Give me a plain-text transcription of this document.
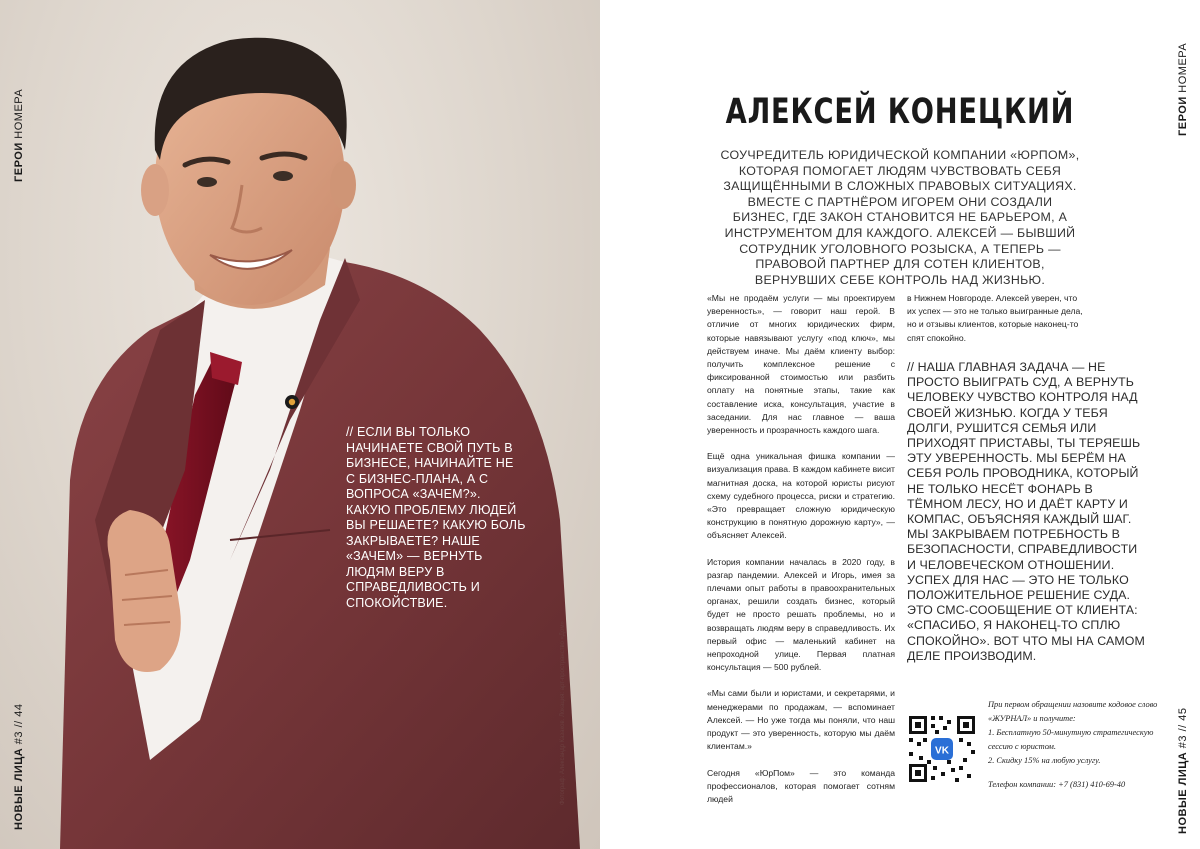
ГЕРОИ НОМЕРА
НОВЫЕ ЛИЦА #3 // 44
// ЕСЛИ ВЫ ТОЛЬКО НАЧИНАЕТЕ СВОЙ ПУТЬ В БИЗНЕСЕ, НАЧИНАЙТЕ НЕ С БИЗНЕС-ПЛАНА, А С ВОПРОСА «ЗАЧЕМ?». КАКУЮ ПРОБЛЕМУ ЛЮДЕЙ ВЫ РЕШАЕТЕ? КАКУЮ БОЛЬ ЗАКРЫВАЕТЕ? НАШЕ «ЗАЧЕМ» — ВЕРНУТЬ ЛЮДЯМ ВЕРУ В СПРАВЕДЛИВОСТЬ И СПОКОЙСТВИЕ.
Фотограф: Александр Казаков. Локация: арт-пространство «Дом»
ГЕРОИ НОМЕРА
НОВЫЕ ЛИЦА #3 // 45
АЛЕКСЕЙ КОНЕЦКИЙ
СОУЧРЕДИТЕЛЬ ЮРИДИЧЕСКОЙ КОМПАНИИ «ЮРПОМ», КОТОРАЯ ПОМОГАЕТ ЛЮДЯМ ЧУВСТВОВАТЬ СЕБЯ ЗАЩИЩЁННЫМИ В СЛОЖНЫХ ПРАВОВЫХ СИТУАЦИЯХ. ВМЕСТЕ С ПАРТНЁРОМ ИГОРЕМ ОНИ СОЗДАЛИ БИЗНЕС, ГДЕ ЗАКОН СТАНОВИТСЯ НЕ БАРЬЕРОМ, А ИНСТРУМЕНТОМ ДЛЯ КАЖДОГО. АЛЕКСЕЙ — БЫВШИЙ СОТРУДНИК УГОЛОВНОГО РОЗЫСКА, А ТЕПЕРЬ — ПРАВОВОЙ ПАРТНЕР ДЛЯ СОТЕН КЛИЕНТОВ, ВЕРНУВШИХ СЕБЕ КОНТРОЛЬ НАД ЖИЗНЬЮ.

«Мы не продаём услуги — мы проектируем уверенность», — говорит наш герой. В отличие от многих юридических фирм, которые навязывают услугу «под ключ», мы действуем иначе. Мы даём клиенту выбор: получить комплексное решение с фиксированной стоимостью или разбить оплату на понятные этапы, такие как составление иска, консультация, участие в заседании. Для нас главное — ваша уверенность и прозрачность каждого шага.

Ещё одна уникальная фишка компании — визуализация права. В каждом кабинете висит магнитная доска, на которой юристы рисуют схему судебного процесса, риски и стратегию. «Это превращает сложную юридическую конструкцию в понятную дорожную карту», — объясняет Алексей.

История компании началась в 2020 году, в разгар пандемии. Алексей и Игорь, имея за плечами опыт работы в правоохранительных органах, решили создать бизнес, который будет не просто решать проблемы, но и возвращать людям веру в справедливость. Их первый офис — маленький кабинет на непроходной улице. Первая платная консультация — 500 рублей.

«Мы сами были и юристами, и секретарями, и менеджерами по продажам, — вспоминает Алексей. — Но уже тогда мы поняли, что наш продукт — это уверенность, которую мы даём клиентам.»

Сегодня «ЮрПом» — это команда профессионалов, которая помогает сотням людей

в Нижнем Новгороде. Алексей уверен, что их успех — это не только выигранные дела, но и отзывы клиентов, которые наконец-то спят спокойно.

// НАША ГЛАВНАЯ ЗАДАЧА — НЕ ПРОСТО ВЫИГРАТЬ СУД, А ВЕРНУТЬ ЧЕЛОВЕКУ ЧУВСТВО КОНТРОЛЯ НАД СВОЕЙ ЖИЗНЬЮ. КОГДА У ТЕБЯ ДОЛГИ, РУШИТСЯ СЕМЬЯ ИЛИ ПРИХОДЯТ ПРИСТАВЫ, ТЫ ТЕРЯЕШЬ ЭТУ УВЕРЕННОСТЬ. МЫ БЕРЁМ НА СЕБЯ РОЛЬ ПРОВОДНИКА, КОТОРЫЙ НЕ ТОЛЬКО НЕСЁТ ФОНАРЬ В ТЁМНОМ ЛЕСУ, НО И ДАЁТ КАРТУ И КОМПАС, ОБЪЯСНЯЯ КАЖДЫЙ ШАГ. МЫ ЗАКРЫВАЕМ ПОТРЕБНОСТЬ В БЕЗОПАСНОСТИ, СПРАВЕДЛИВОСТИ И ЧЕЛОВЕЧЕСКОМ ОТНОШЕНИИ. УСПЕХ ДЛЯ НАС — ЭТО НЕ ТОЛЬКО ПОЛОЖИТЕЛЬНОЕ РЕШЕНИЕ СУДА. ЭТО СМС-СООБЩЕНИЕ ОТ КЛИЕНТА: «СПАСИБО, Я НАКОНЕЦ-ТО СПЛЮ СПОКОЙНО». ВОТ ЧТО МЫ НА САМОМ ДЕЛЕ ПРОИЗВОДИМ.
VK

При первом обращении назовите кодовое слово «ЖУРНАЛ» и получите:

1. Бесплатную 50-минутную стратегическую сессию с юристом.

2. Скидку 15% на любую услугу.

Телефон компании: +7 (831) 410-69-40
